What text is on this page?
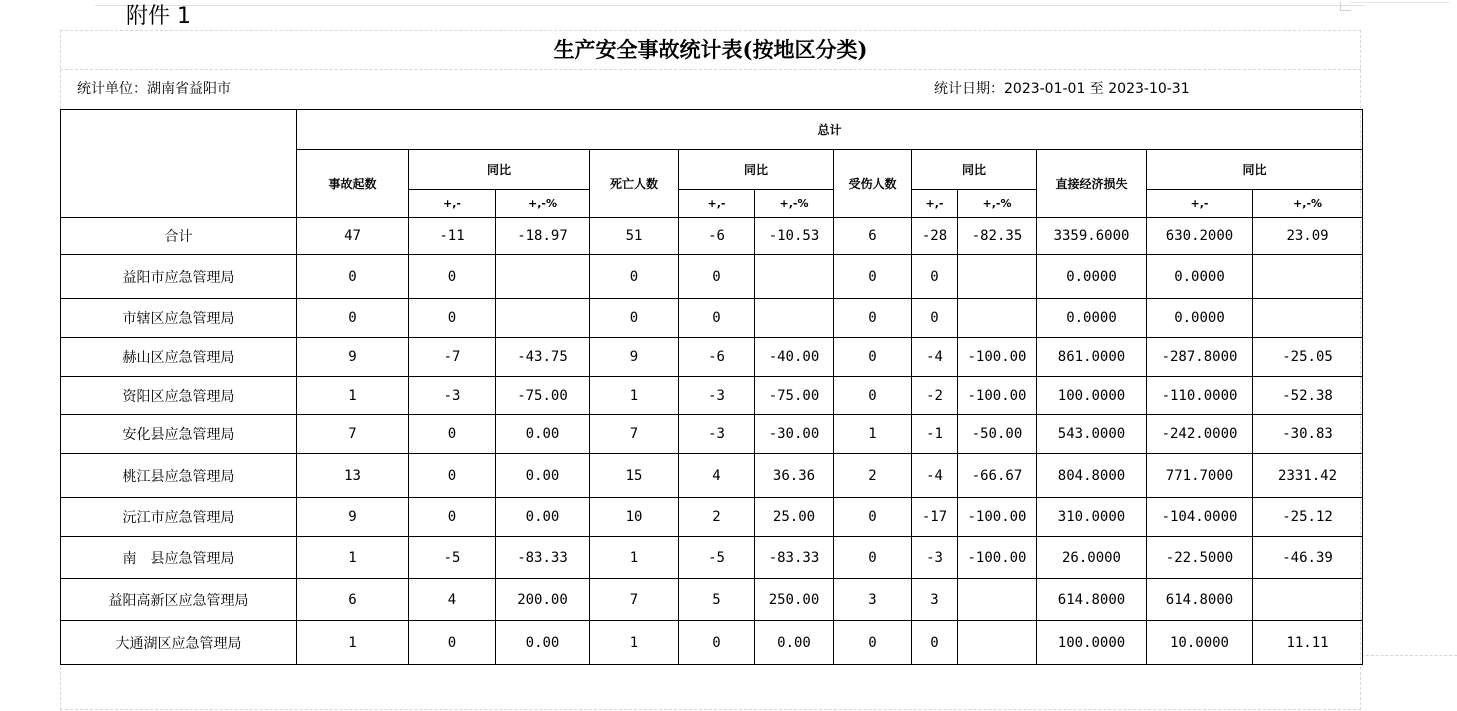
附件 1
生产安全事故统计表(按地区分类)
统计单位：湖南省益阳市	统计日期：2023-01-01 至 2023-10-31
	总计											
	事故起数	同比		死亡人数	同比		受伤人数	同比		直接经济损失	同比	
		+,-	+,-%		+,-	+,-%		+,-	+,-%		+,-	+,-%
合计	47	-11	-18.97	51	-6	-10.53	6	-28	-82.35	3359.6000	630.2000	23.09
益阳市应急管理局	0	0		0	0		0	0		0.0000	0.0000	
市辖区应急管理局	0	0		0	0		0	0		0.0000	0.0000	
赫山区应急管理局	9	-7	-43.75	9	-6	-40.00	0	-4	-100.00	861.0000	-287.8000	-25.05
资阳区应急管理局	1	-3	-75.00	1	-3	-75.00	0	-2	-100.00	100.0000	-110.0000	-52.38
安化县应急管理局	7	0	0.00	7	-3	-30.00	1	-1	-50.00	543.0000	-242.0000	-30.83
桃江县应急管理局	13	0	0.00	15	4	36.36	2	-4	-66.67	804.8000	771.7000	2331.42
沅江市应急管理局	9	0	0.00	10	2	25.00	0	-17	-100.00	310.0000	-104.0000	-25.12
南　县应急管理局	1	-5	-83.33	1	-5	-83.33	0	-3	-100.00	26.0000	-22.5000	-46.39
益阳高新区应急管理局	6	4	200.00	7	5	250.00	3	3		614.8000	614.8000	
大通湖区应急管理局	1	0	0.00	1	0	0.00	0	0		100.0000	10.0000	11.11
